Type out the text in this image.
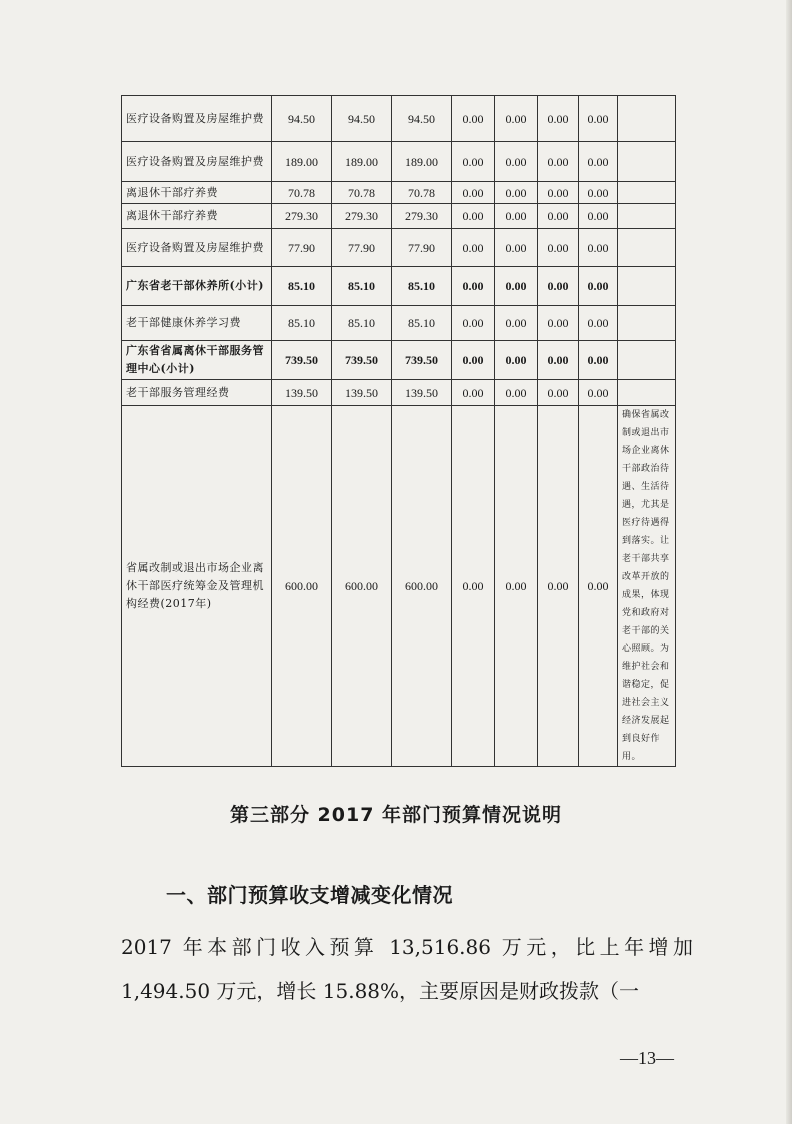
医疗设备购置及房屋维护费	94.50	94.50	94.50	0.00	0.00	0.00	0.00	
医疗设备购置及房屋维护费	189.00	189.00	189.00	0.00	0.00	0.00	0.00	
离退休干部疗养费	70.78	70.78	70.78	0.00	0.00	0.00	0.00	
离退休干部疗养费	279.30	279.30	279.30	0.00	0.00	0.00	0.00	
医疗设备购置及房屋维护费	77.90	77.90	77.90	0.00	0.00	0.00	0.00	
广东省老干部休养所(小计)	85.10	85.10	85.10	0.00	0.00	0.00	0.00	
老干部健康休养学习费	85.10	85.10	85.10	0.00	0.00	0.00	0.00	
广东省省属离休干部服务管理中心(小计)	739.50	739.50	739.50	0.00	0.00	0.00	0.00	
老干部服务管理经费	139.50	139.50	139.50	0.00	0.00	0.00	0.00	
省属改制或退出市场企业离休干部医疗统筹金及管理机构经费(2017年)	600.00	600.00	600.00	0.00	0.00	0.00	0.00	确保省属改制或退出市场企业离休干部政治待遇、生活待遇，尤其是医疗待遇得到落实。让老干部共享改革开放的成果，体现党和政府对老干部的关心照顾。为维护社会和谐稳定，促进社会主义经济发展起到良好作用。
第三部分 2017 年部门预算情况说明
一、部门预算收支增减变化情况
2017 年本部门收入预算 13,516.86 万元，比上年增加 1,494.50 万元，增长 15.88%，主要原因是财政拨款（一
—13—
